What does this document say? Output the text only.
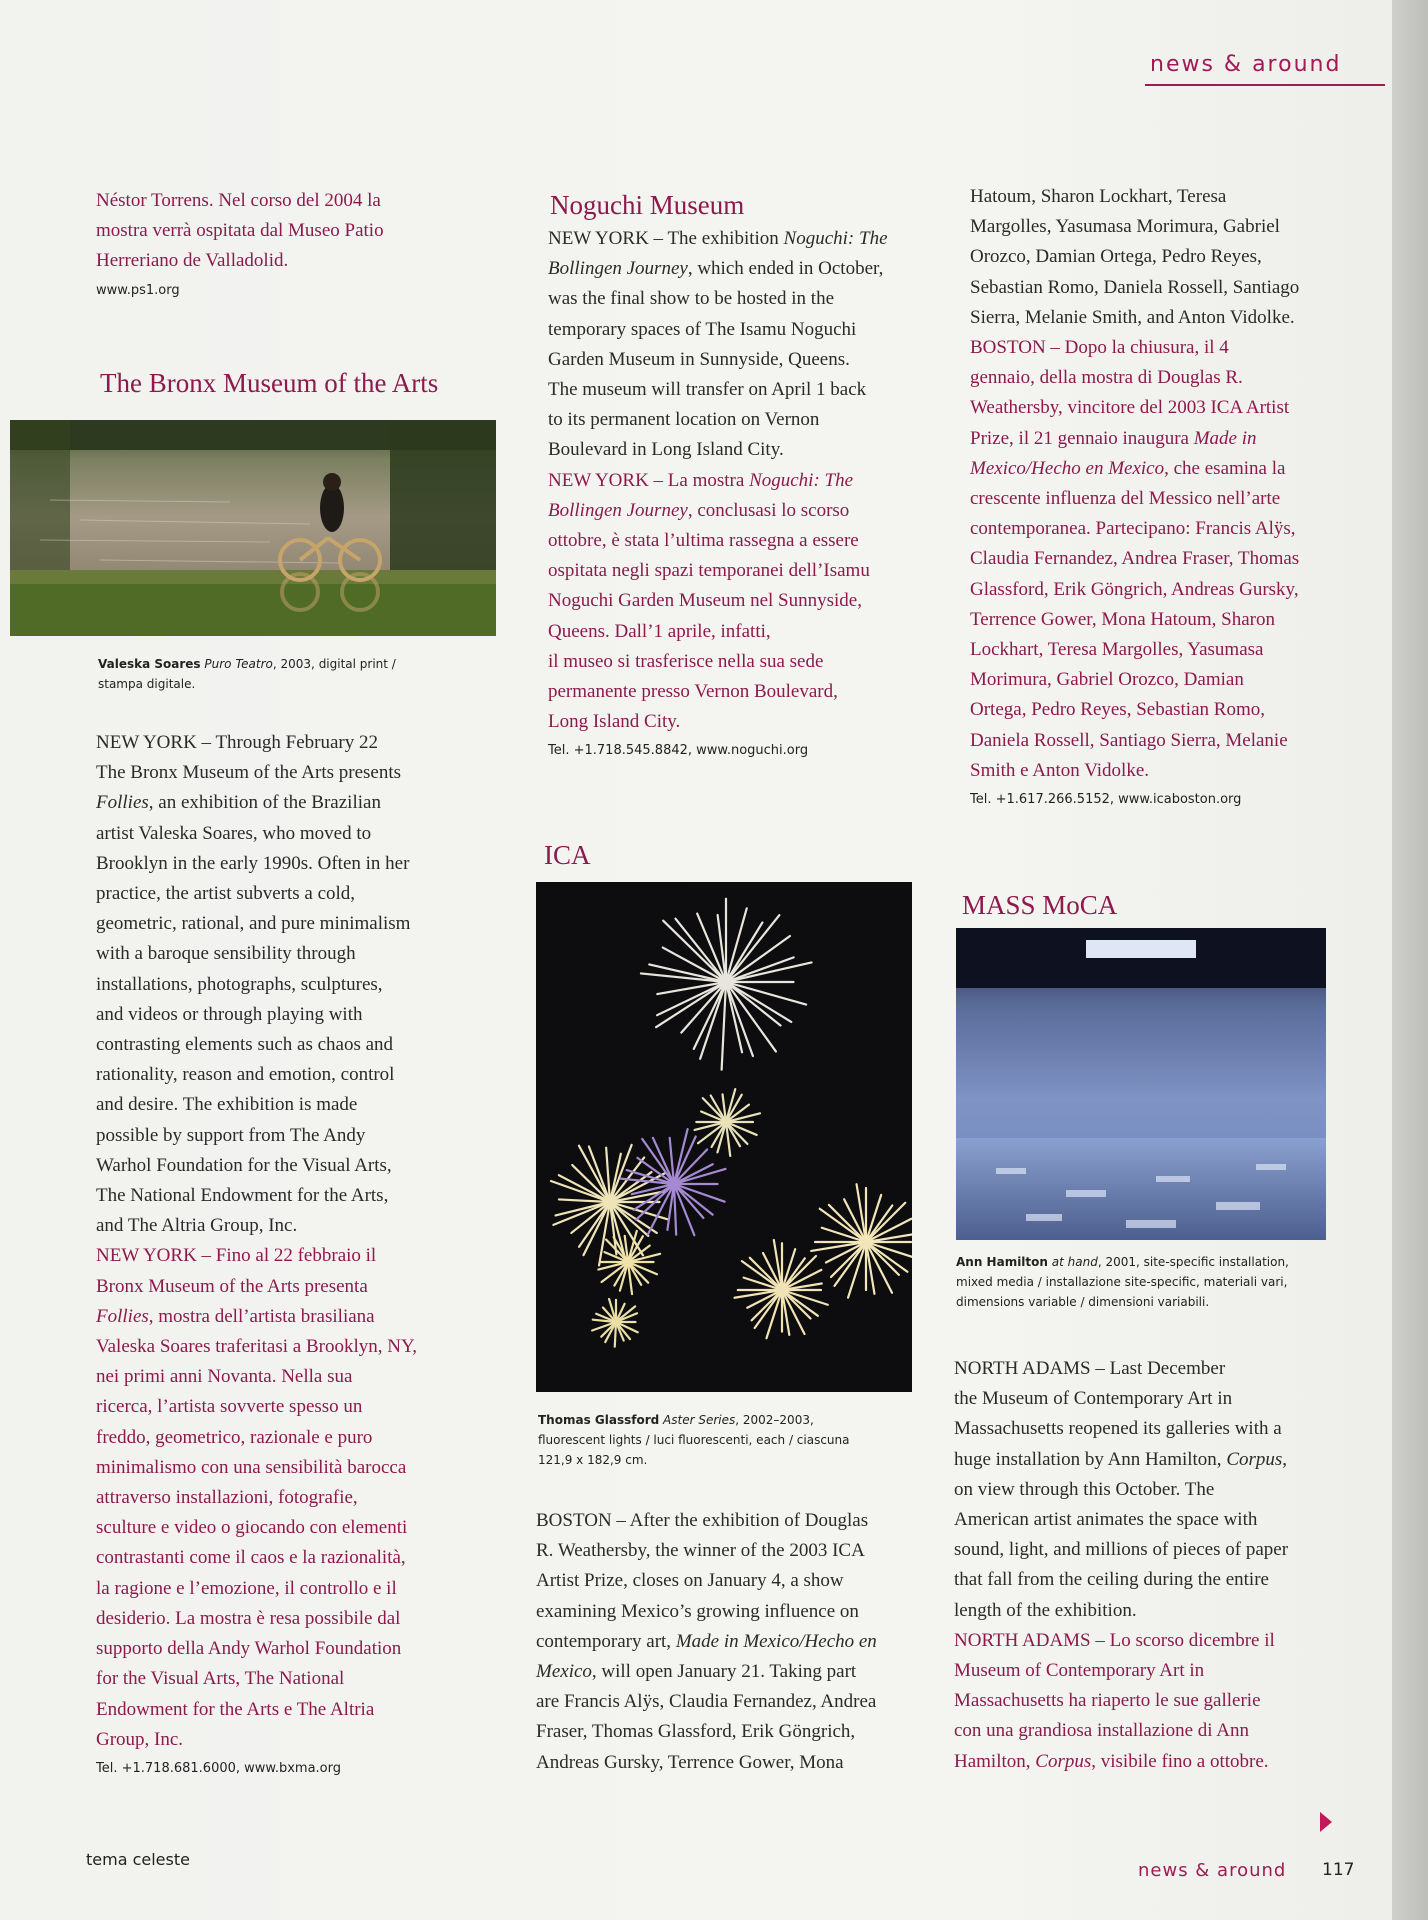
news & around

Néstor Torrens. Nel corso del 2004 la

mostra verrà ospitata dal Museo Patio

Herreriano de Valladolid.

www.ps1.org

The Bronx Museum of the Arts

Valeska Soares Puro Teatro, 2003, digital print /
stampa digitale.

NEW YORK – Through February 22

The Bronx Museum of the Arts presents

Follies, an exhibition of the Brazilian

artist Valeska Soares, who moved to

Brooklyn in the early 1990s. Often in her

practice, the artist subverts a cold,

geometric, rational, and pure minimalism

with a baroque sensibility through

installations, photographs, sculptures,

and videos or through playing with

contrasting elements such as chaos and

rationality, reason and emotion, control

and desire. The exhibition is made

possible by support from The Andy

Warhol Foundation for the Visual Arts,

The National Endowment for the Arts,

and The Altria Group, Inc.

NEW YORK – Fino al 22 febbraio il

Bronx Museum of the Arts presenta

Follies, mostra dell’artista brasiliana

Valeska Soares traferitasi a Brooklyn, NY,

nei primi anni Novanta. Nella sua

ricerca, l’artista sovverte spesso un

freddo, geometrico, razionale e puro

minimalismo con una sensibilità barocca

attraverso installazioni, fotografie,

sculture e video o giocando con elementi

contrastanti come il caos e la razionalità,

la ragione e l’emozione, il controllo e il

desiderio. La mostra è resa possibile dal

supporto della Andy Warhol Foundation

for the Visual Arts, The National

Endowment for the Arts e The Altria

Group, Inc.

Tel. +1.718.681.6000, www.bxma.org

Noguchi Museum

NEW YORK – The exhibition Noguchi: The

Bollingen Journey, which ended in October,

was the final show to be hosted in the

temporary spaces of The Isamu Noguchi

Garden Museum in Sunnyside, Queens.

The museum will transfer on April 1 back

to its permanent location on Vernon

Boulevard in Long Island City.

NEW YORK – La mostra Noguchi: The

Bollingen Journey, conclusasi lo scorso

ottobre, è stata l’ultima rassegna a essere

ospitata negli spazi temporanei dell’Isamu

Noguchi Garden Museum nel Sunnyside,

Queens. Dall’1 aprile, infatti,

il museo si trasferisce nella sua sede

permanente presso Vernon Boulevard,

Long Island City.

Tel. +1.718.545.8842, www.noguchi.org

ICA

Thomas Glassford Aster Series, 2002–2003,
fluorescent lights / luci fluorescenti, each / ciascuna
121,9 x 182,9 cm.

BOSTON – After the exhibition of Douglas

R. Weathersby, the winner of the 2003 ICA

Artist Prize, closes on January 4, a show

examining Mexico’s growing influence on

contemporary art, Made in Mexico/Hecho en

Mexico, will open January 21. Taking part

are Francis Alÿs, Claudia Fernandez, Andrea

Fraser, Thomas Glassford, Erik Göngrich,

Andreas Gursky, Terrence Gower, Mona

Hatoum, Sharon Lockhart, Teresa

Margolles, Yasumasa Morimura, Gabriel

Orozco, Damian Ortega, Pedro Reyes,

Sebastian Romo, Daniela Rossell, Santiago

Sierra, Melanie Smith, and Anton Vidolke.

BOSTON – Dopo la chiusura, il 4

gennaio, della mostra di Douglas R.

Weathersby, vincitore del 2003 ICA Artist

Prize, il 21 gennaio inaugura Made in

Mexico/Hecho en Mexico, che esamina la

crescente influenza del Messico nell’arte

contemporanea. Partecipano: Francis Alÿs,

Claudia Fernandez, Andrea Fraser, Thomas

Glassford, Erik Göngrich, Andreas Gursky,

Terrence Gower, Mona Hatoum, Sharon

Lockhart, Teresa Margolles, Yasumasa

Morimura, Gabriel Orozco, Damian

Ortega, Pedro Reyes, Sebastian Romo,

Daniela Rossell, Santiago Sierra, Melanie

Smith e Anton Vidolke.

Tel. +1.617.266.5152, www.icaboston.org

MASS MoCA

Ann Hamilton at hand, 2001, site-specific installation,
mixed media / installazione site-specific, materiali vari,
dimensions variable / dimensioni variabili.

NORTH ADAMS – Last December

the Museum of Contemporary Art in

Massachusetts reopened its galleries with a

huge installation by Ann Hamilton, Corpus,

on view through this October. The

American artist animates the space with

sound, light, and millions of pieces of paper

that fall from the ceiling during the entire

length of the exhibition.

NORTH ADAMS – Lo scorso dicembre il

Museum of Contemporary Art in

Massachusetts ha riaperto le sue gallerie

con una grandiosa installazione di Ann

Hamilton, Corpus, visibile fino a ottobre.

tema celeste
news & around 117
